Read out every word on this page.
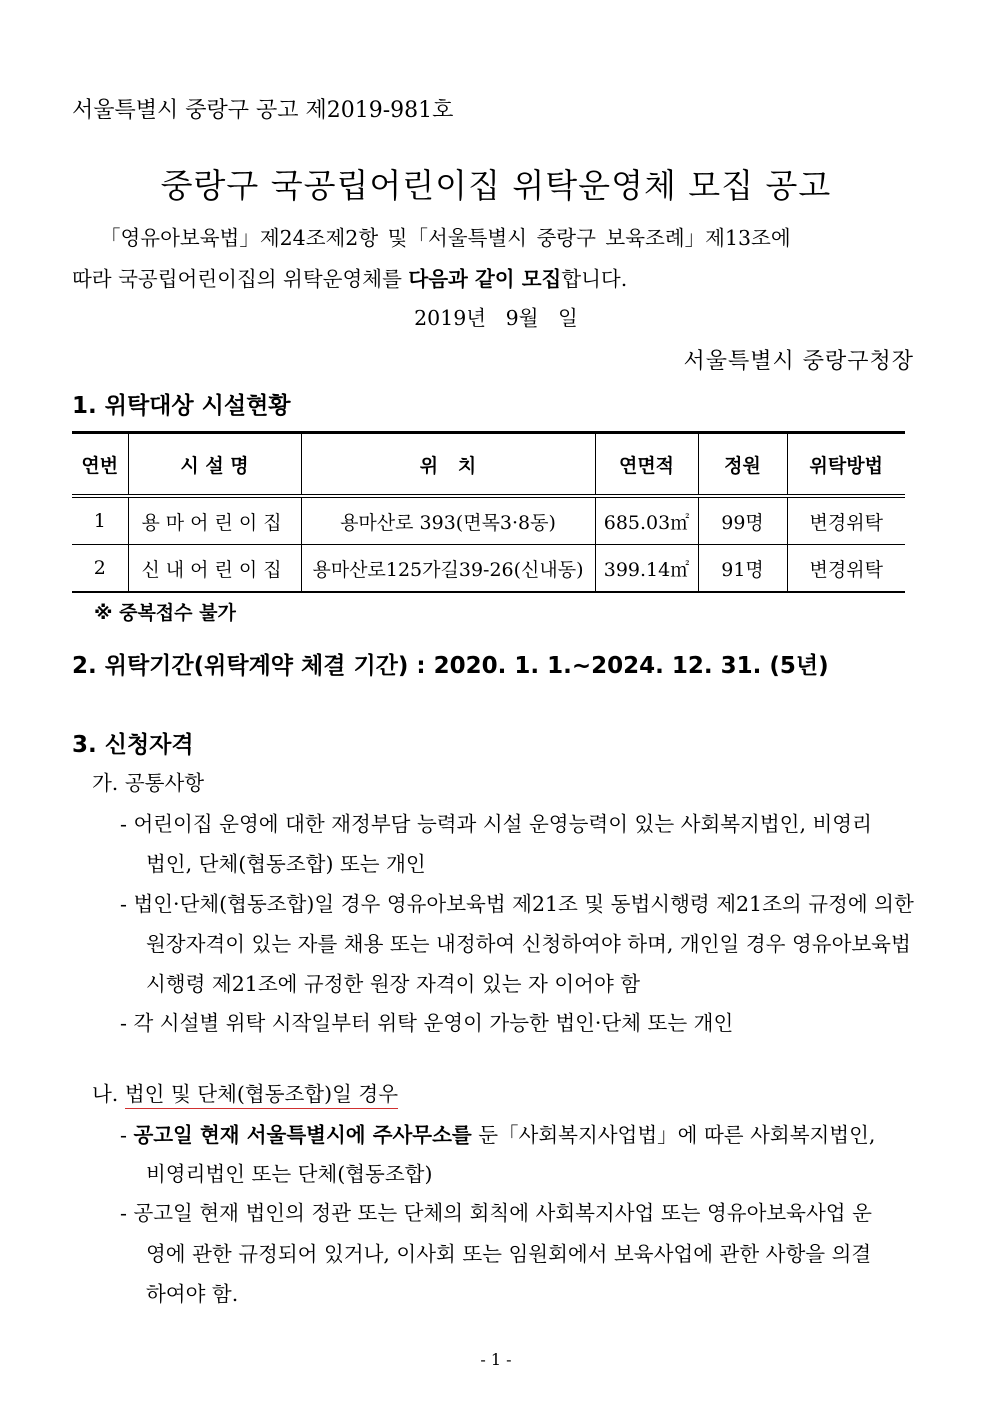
서울특별시 중랑구 공고 제2019-981호
중랑구 국공립어린이집 위탁운영체 모집 공고
「영유아보육법」제24조제2항 및「서울특별시 중랑구 보육조례」제13조에
따라 국공립어린이집의 위탁운영체를 다음과 같이 모집합니다.
2019년   9월   일
서울특별시 중랑구청장
1. 위탁대상 시설현황
연번	시 설 명	위   치	연면적	정원	위탁방법
1	용마어린이집	용마산로 393(면목3·8동)	685.03㎡	99명	변경위탁
2	신내어린이집	용마산로125가길39-26(신내동)	399.14㎡	91명	변경위탁
※ 중복접수 불가
2. 위탁기간(위탁계약 체결 기간) : 2020. 1. 1.~2024. 12. 31. (5년)
3. 신청자격
가. 공통사항
- 어린이집 운영에 대한 재정부담 능력과 시설 운영능력이 있는 사회복지법인, 비영리
법인, 단체(협동조합) 또는 개인
- 법인·단체(협동조합)일 경우 영유아보육법 제21조 및 동법시행령 제21조의 규정에 의한
원장자격이 있는 자를 채용 또는 내정하여 신청하여야 하며, 개인일 경우 영유아보육법
시행령 제21조에 규정한 원장 자격이 있는 자 이어야 함
- 각 시설별 위탁 시작일부터 위탁 운영이 가능한 법인·단체 또는 개인
나. 법인 및 단체(협동조합)일 경우
- 공고일 현재 서울특별시에 주사무소를 둔「사회복지사업법」에 따른 사회복지법인,
비영리법인 또는 단체(협동조합)
- 공고일 현재 법인의 정관 또는 단체의 회칙에 사회복지사업 또는 영유아보육사업 운
영에 관한 규정되어 있거나, 이사회 또는 임원회에서 보육사업에 관한 사항을 의결
하여야 함.
- 1 -
